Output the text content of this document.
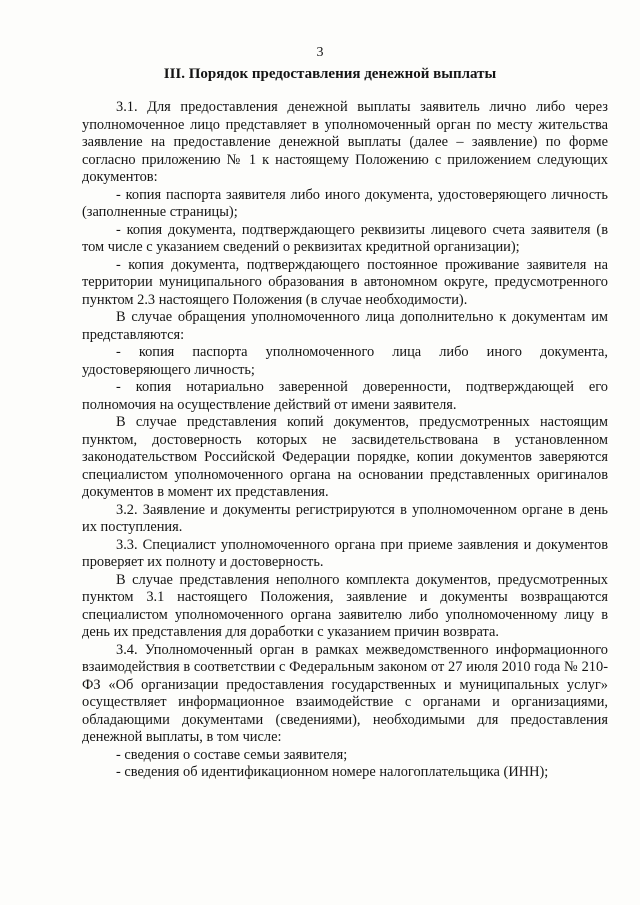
3
III. Порядок предоставления денежной выплаты

3.1. Для предоставления денежной выплаты заявитель лично либо через уполномоченное лицо представляет в уполномоченный орган по месту жительства заявление на предоставление денежной выплаты (далее – заявление) по форме согласно приложению № 1 к настоящему Положению с приложением следующих документов:

- копия паспорта заявителя либо иного документа, удостоверяющего личность (заполненные страницы);

- копия документа, подтверждающего реквизиты лицевого счета заявителя (в том числе с указанием сведений о реквизитах кредитной организации);

- копия документа, подтверждающего постоянное проживание заявителя на территории муниципального образования в автономном округе, предусмотренного пунктом 2.3 настоящего Положения (в случае необходимости).

В случае обращения уполномоченного лица дополнительно к документам им представляются:

- копия паспорта уполномоченного лица либо иного документа, удостоверяющего личность;

- копия нотариально заверенной доверенности, подтверждающей его полномочия на осуществление действий от имени заявителя.

В случае представления копий документов, предусмотренных настоящим пунктом, достоверность которых не засвидетельствована в установленном законодательством Российской Федерации порядке, копии документов заверяются специалистом уполномоченного органа на основании представленных оригиналов документов в момент их представления.

3.2. Заявление и документы регистрируются в уполномоченном органе в день их поступления.

3.3. Специалист уполномоченного органа при приеме заявления и документов проверяет их полноту и достоверность.

В случае представления неполного комплекта документов, предусмотренных пунктом 3.1 настоящего Положения, заявление и документы возвращаются специалистом уполномоченного органа заявителю либо уполномоченному лицу в день их представления для доработки с указанием причин возврата.

3.4. Уполномоченный орган в рамках межведомственного информационного взаимодействия в соответствии с Федеральным законом от 27 июля 2010 года № 210-ФЗ «Об организации предоставления государственных и муниципальных услуг» осуществляет информационное взаимодействие с органами и организациями, обладающими документами (сведениями), необходимыми для предоставления денежной выплаты, в том числе:

- сведения о составе семьи заявителя;

- сведения об идентификационном номере налогоплательщика (ИНН);
